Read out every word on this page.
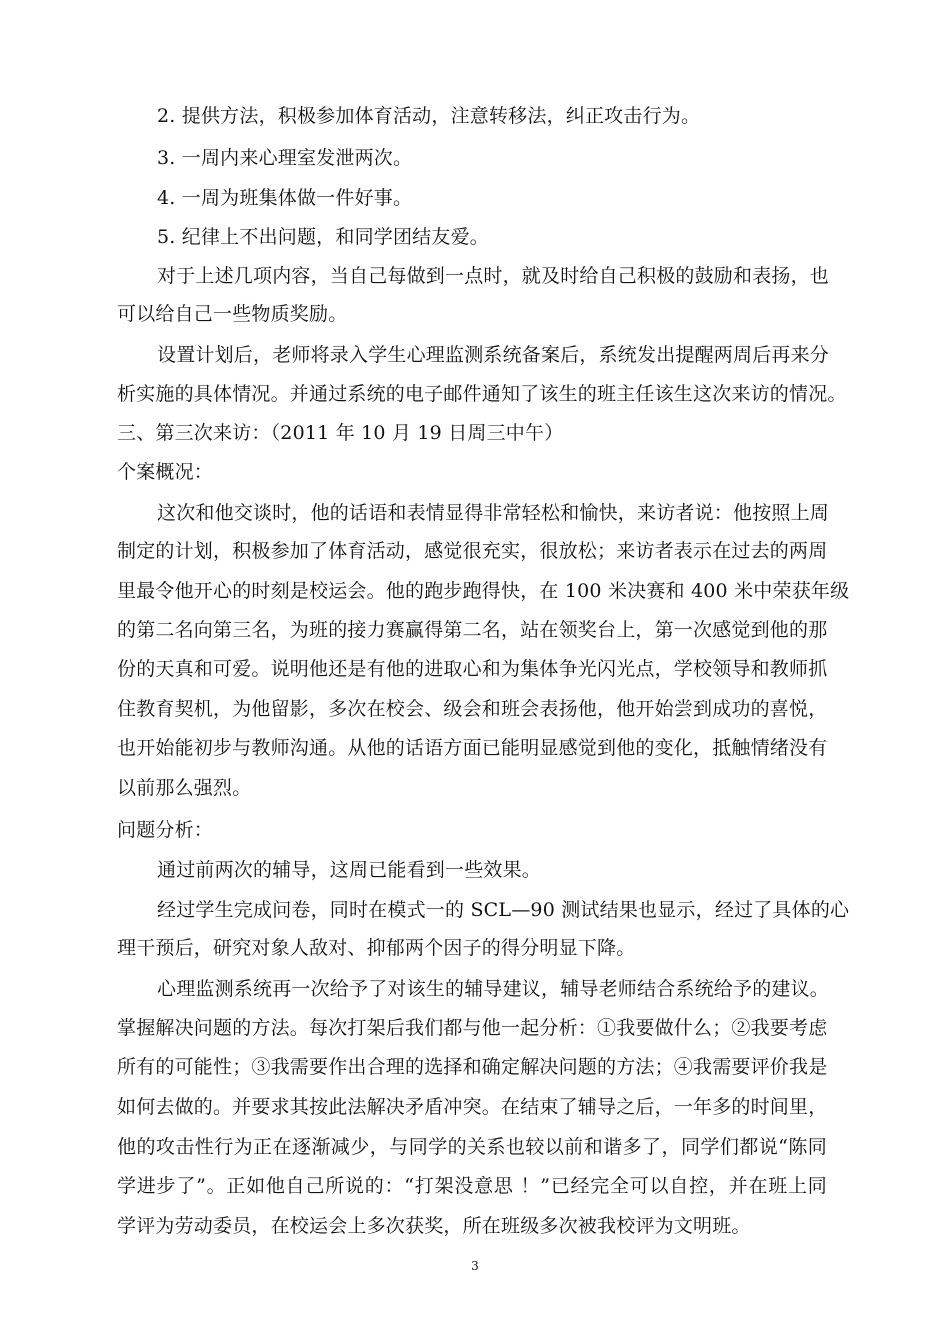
2. 提供方法，积极参加体育活动，注意转移法，纠正攻击行为。
3. 一周内来心理室发泄两次。
4. 一周为班集体做一件好事。
5. 纪律上不出问题，和同学团结友爱。
对于上述几项内容，当自己每做到一点时，就及时给自己积极的鼓励和表扬，也
可以给自己一些物质奖励。
设置计划后，老师将录入学生心理监测系统备案后，系统发出提醒两周后再来分
析实施的具体情况。并通过系统的电子邮件通知了该生的班主任该生这次来访的情况。
三、第三次来访：（2011 年 10 月 19 日周三中午）
个案概况：
这次和他交谈时，他的话语和表情显得非常轻松和愉快，来访者说：他按照上周
制定的计划，积极参加了体育活动，感觉很充实，很放松；来访者表示在过去的两周
里最令他开心的时刻是校运会。他的跑步跑得快，在 100 米决赛和 400 米中荣获年级
的第二名向第三名，为班的接力赛赢得第二名，站在领奖台上，第一次感觉到他的那
份的天真和可爱。说明他还是有他的进取心和为集体争光闪光点，学校领导和教师抓
住教育契机，为他留影，多次在校会、级会和班会表扬他，他开始尝到成功的喜悦，
也开始能初步与教师沟通。从他的话语方面已能明显感觉到他的变化，抵触情绪没有
以前那么强烈。
问题分析：
通过前两次的辅导，这周已能看到一些效果。
经过学生完成问卷，同时在模式一的 SCL—90 测试结果也显示，经过了具体的心
理干预后，研究对象人敌对、抑郁两个因子的得分明显下降。
心理监测系统再一次给予了对该生的辅导建议，辅导老师结合系统给予的建议。
掌握解决问题的方法。每次打架后我们都与他一起分析：①我要做什么；②我要考虑
所有的可能性；③我需要作出合理的选择和确定解决问题的方法；④我需要评价我是
如何去做的。并要求其按此法解决矛盾冲突。在结束了辅导之后，一年多的时间里，
他的攻击性行为正在逐渐减少，与同学的关系也较以前和谐多了，同学们都说“陈同
学进步了”。正如他自己所说的：“打架没意思 ！”已经完全可以自控，并在班上同
学评为劳动委员，在校运会上多次获奖，所在班级多次被我校评为文明班。
3
